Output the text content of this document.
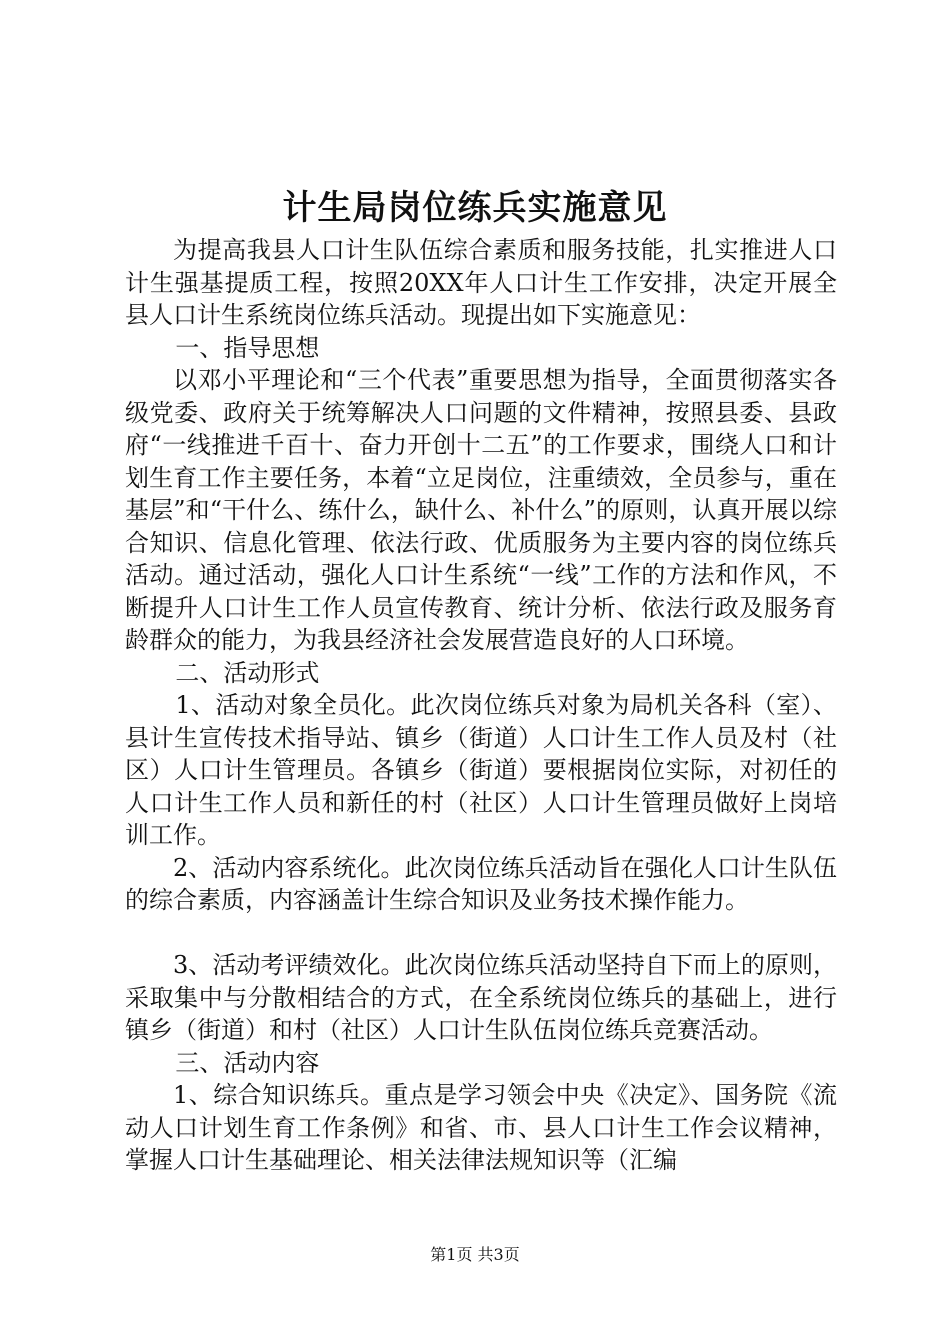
计生局岗位练兵实施意见

为提高我县人口计生队伍综合素质和服务技能，扎实推进人口计生强基提质工程，按照20XX年人口计生工作安排，决定开展全县人口计生系统岗位练兵活动。现提出如下实施意见：

一、指导思想

以邓小平理论和“三个代表”重要思想为指导，全面贯彻落实各级党委、政府关于统筹解决人口问题的文件精神，按照县委、县政府“一线推进千百十、奋力开创十二五”的工作要求，围绕人口和计划生育工作主要任务，本着“立足岗位，注重绩效，全员参与，重在基层”和“干什么、练什么，缺什么、补什么”的原则，认真开展以综合知识、信息化管理、依法行政、优质服务为主要内容的岗位练兵活动。通过活动，强化人口计生系统“一线”工作的方法和作风，不断提升人口计生工作人员宣传教育、统计分析、依法行政及服务育龄群众的能力，为我县经济社会发展营造良好的人口环境。

二、活动形式

1、活动对象全员化。此次岗位练兵对象为局机关各科（室）、县计生宣传技术指导站、镇乡（街道）人口计生工作人员及村（社区）人口计生管理员。各镇乡（街道）要根据岗位实际，对初任的人口计生工作人员和新任的村（社区）人口计生管理员做好上岗培训工作。

2、活动内容系统化。此次岗位练兵活动旨在强化人口计生队伍的综合素质，内容涵盖计生综合知识及业务技术操作能力。

3、活动考评绩效化。此次岗位练兵活动坚持自下而上的原则，采取集中与分散相结合的方式，在全系统岗位练兵的基础上，进行镇乡（街道）和村（社区）人口计生队伍岗位练兵竞赛活动。

三、活动内容

1、综合知识练兵。重点是学习领会中央《决定》、国务院《流动人口计划生育工作条例》和省、市、县人口计生工作会议精神，掌握人口计生基础理论、相关法律法规知识等（汇编

第1页 共3页
